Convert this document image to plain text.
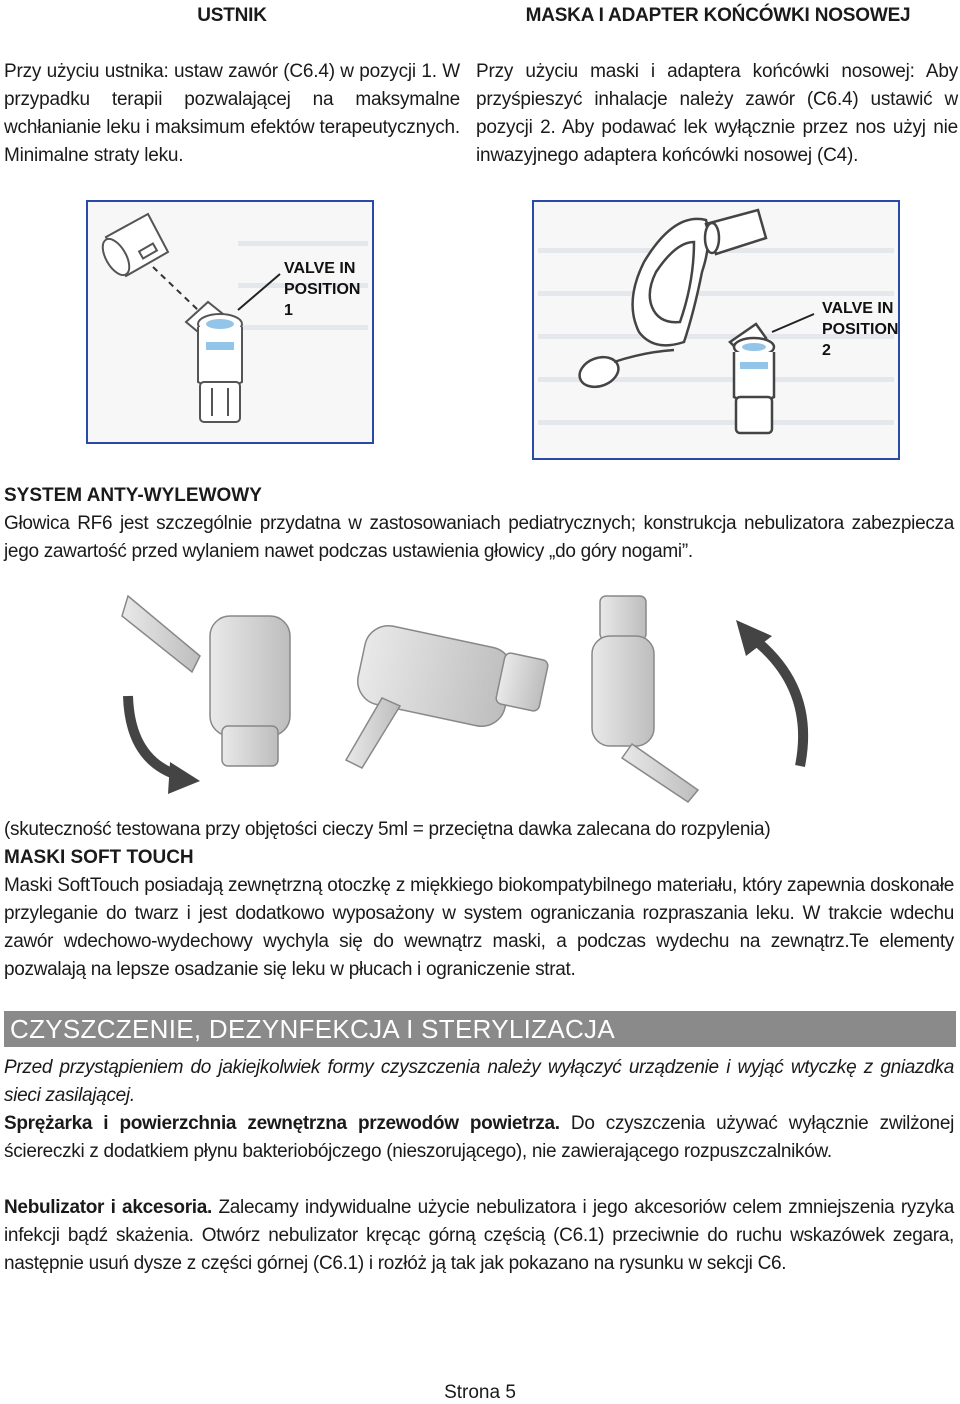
USTNIK	MASKA I ADAPTER KOŃCÓWKI NOSOWEJ
Przy użyciu ustnika: ustaw zawór (C6.4) w pozycji 1. W przypadku terapii pozwalającej na maksymalne wchłanianie leku i maksimum efektów terapeutycznych. Minimalne straty leku.
Przy użyciu maski i adaptera końcówki nosowej: Aby przyśpieszyć inhalacje należy zawór (C6.4) ustawić w pozycji 2. Aby podawać lek wyłącznie przez nos użyj nie inwazyjnego adaptera końcówki nosowej (C4).
VALVE IN
POSITION 1	VALVE IN
POSITION 2
SYSTEM ANTY-WYLEWOWY
Głowica RF6 jest szczególnie przydatna w zastosowaniach pediatrycznych; konstrukcja nebulizatora zabezpiecza jego zawartość przed wylaniem nawet podczas ustawienia głowicy „do góry nogami”.
(skuteczność testowana przy objętości cieczy 5ml = przeciętna dawka zalecana do rozpylenia)
MASKI SOFT TOUCH
Maski SoftTouch posiadają zewnętrzną otoczkę z miękkiego biokompatybilnego materiału, który zapewnia doskonałe przyleganie do twarz i jest dodatkowo wyposażony w system ograniczania rozpraszania leku. W trakcie wdechu zawór wdechowo-wydechowy wychyla się do wewnątrz maski, a podczas wydechu na zewnątrz.Te elementy pozwalają na lepsze osadzanie się leku w płucach i ograniczenie strat.
CZYSZCZENIE, DEZYNFEKCJA I STERYLIZACJA
Przed przystąpieniem do jakiejkolwiek formy czyszczenia należy wyłączyć urządzenie i wyjąć wtyczkę z gniazdka sieci zasilającej.
Sprężarka i powierzchnia zewnętrzna przewodów powietrza. Do czyszczenia używać wyłącznie zwilżonej ściereczki z dodatkiem płynu bakteriobójczego (nieszorującego), nie zawierającego rozpuszczalników.
Nebulizator i akcesoria. Zalecamy indywidualne użycie nebulizatora i jego akcesoriów celem zmniejszenia ryzyka infekcji bądź skażenia. Otwórz nebulizator kręcąc górną częścią (C6.1) przeciwnie do ruchu wskazówek zegara, następnie usuń dysze z części górnej (C6.1) i rozłóż ją tak jak pokazano na rysunku w sekcji C6.
Strona 5
